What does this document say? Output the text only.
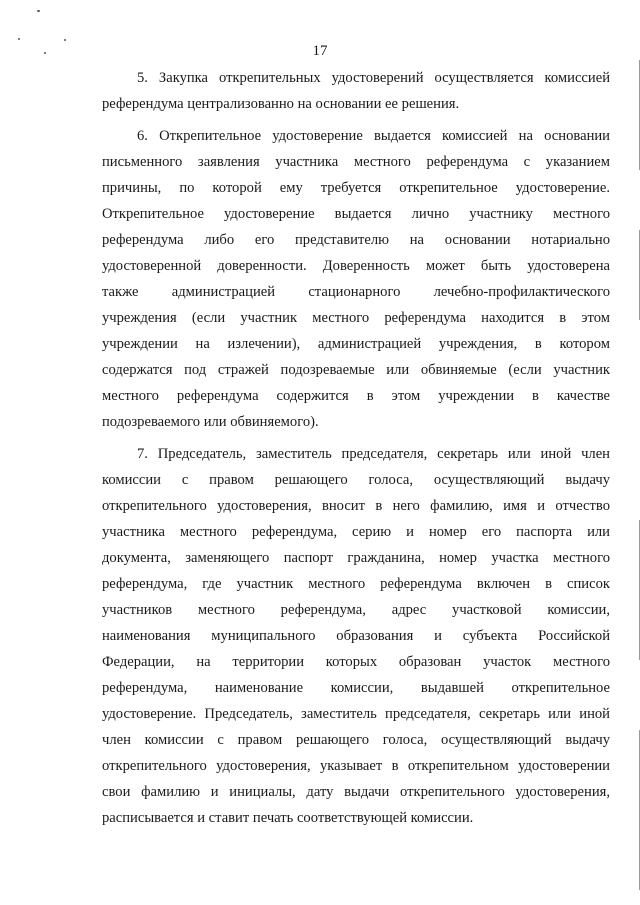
17
5. Закупка открепительных удостоверений осуществляется комиссией
референдума централизованно на основании ее решения.
6. Открепительное удостоверение выдается комиссией на основании
письменного заявления участника местного референдума с указанием
причины, по которой ему требуется открепительное удостоверение.
Открепительное удостоверение выдается лично участнику местного
референдума либо его представителю на основании нотариально
удостоверенной доверенности. Доверенность может быть удостоверена
также администрацией стационарного лечебно-профилактического
учреждения (если участник местного референдума находится в этом
учреждении на излечении), администрацией учреждения, в котором
содержатся под стражей подозреваемые или обвиняемые (если участник
местного референдума содержится в этом учреждении в качестве
подозреваемого или обвиняемого).
7. Председатель, заместитель председателя, секретарь или иной член
комиссии с правом решающего голоса, осуществляющий выдачу
открепительного удостоверения, вносит в него фамилию, имя и отчество
участника местного референдума, серию и номер его паспорта или
документа, заменяющего паспорт гражданина, номер участка местного
референдума, где участник местного референдума включен в список
участников местного референдума, адрес участковой комиссии,
наименования муниципального образования и субъекта Российской
Федерации, на территории которых образован участок местного
референдума, наименование комиссии, выдавшей открепительное
удостоверение. Председатель, заместитель председателя, секретарь или иной
член комиссии с правом решающего голоса, осуществляющий выдачу
открепительного удостоверения, указывает в открепительном удостоверении
свои фамилию и инициалы, дату выдачи открепительного удостоверения,
расписывается и ставит печать соответствующей комиссии.
